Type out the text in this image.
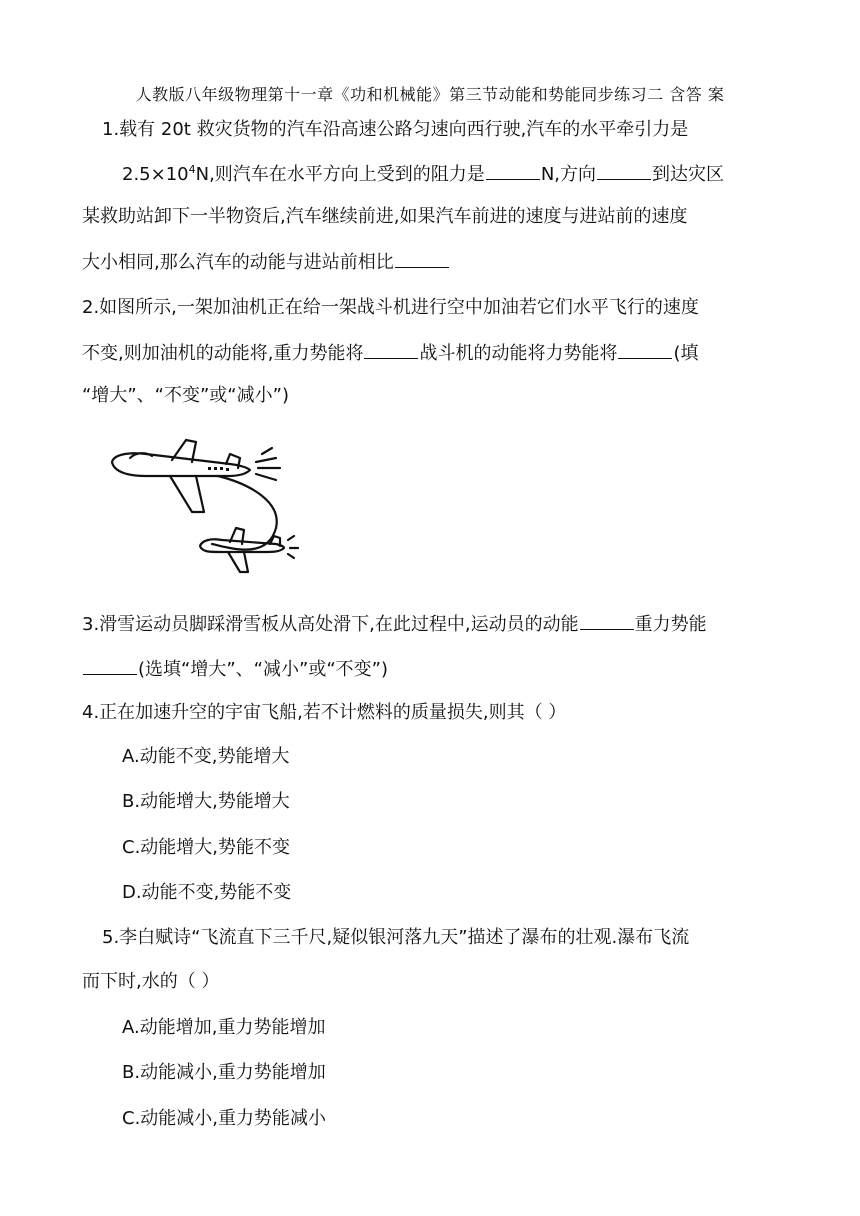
人教版八年级物理第十一章《功和机械能》第三节动能和势能同步练习二 含答 案
1.载有 20t 救灾货物的汽车沿高速公路匀速向西行驶,汽车的水平牵引力是
$2.5\times 10^4N$,则汽车在水平方向上受到的阻力是	N,方向	到达灾区
某救助站卸下一半物资后,汽车继续前进,如果汽车前进的速度与进站前的速度
大小相同,那么汽车的动能与进站前相比
2.如图所示,一架加油机正在给一架战斗机进行空中加油若它们水平飞行的速度
不变,则加油机的动能将,重力势能将	战斗机的动能将力势能将	(填
“增大”、“不变”或“减小”)
3.滑雪运动员脚踩滑雪板从高处滑下,在此过程中,运动员的动能	重力势能
(选填“增大”、“减小”或“不变”)
4.正在加速升空的宇宙飞船,若不计燃料的质量损失,则其（ ）
A.动能不变,势能增大
B.动能增大,势能增大
C.动能增大,势能不变
D.动能不变,势能不变
5.李白赋诗“飞流直下三千尺,疑似银河落九天”描述了瀑布的壮观.瀑布飞流
而下时,水的（ ）
A.动能增加,重力势能增加
B.动能减小,重力势能增加
C.动能减小,重力势能减小
